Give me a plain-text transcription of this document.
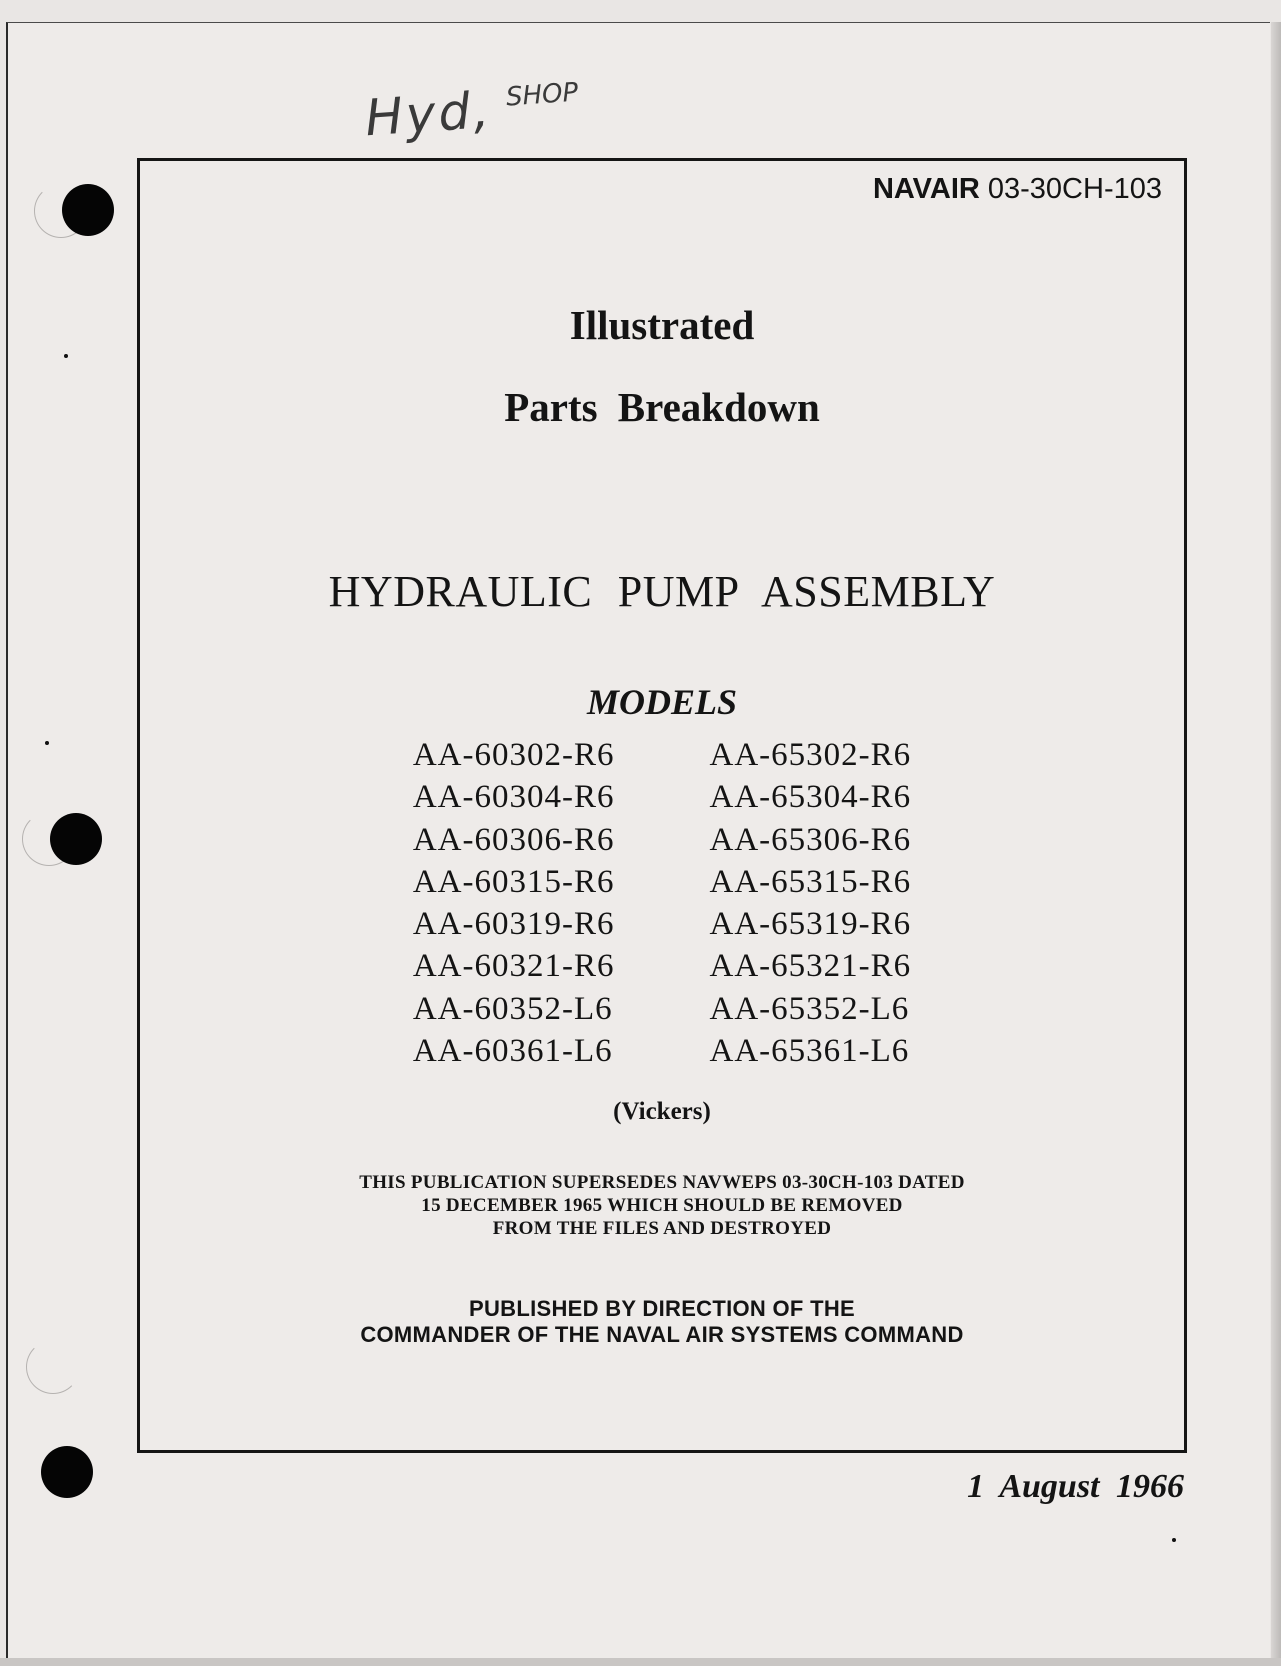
Hyd, SHOP
NAVAIR 03-30CH-103
Illustrated
Parts Breakdown
HYDRAULIC PUMP ASSEMBLY
MODELS
AA-60302-R6
AA-60304-R6
AA-60306-R6
AA-60315-R6
AA-60319-R6
AA-60321-R6
AA-60352-L6
AA-60361-L6
AA-65302-R6
AA-65304-R6
AA-65306-R6
AA-65315-R6
AA-65319-R6
AA-65321-R6
AA-65352-L6
AA-65361-L6
(Vickers)
THIS PUBLICATION SUPERSEDES NAVWEPS 03-30CH-103 DATED
15 DECEMBER 1965 WHICH SHOULD BE REMOVED
FROM THE FILES AND DESTROYED
PUBLISHED BY DIRECTION OF THE
COMMANDER OF THE NAVAL AIR SYSTEMS COMMAND
1 August 1966
